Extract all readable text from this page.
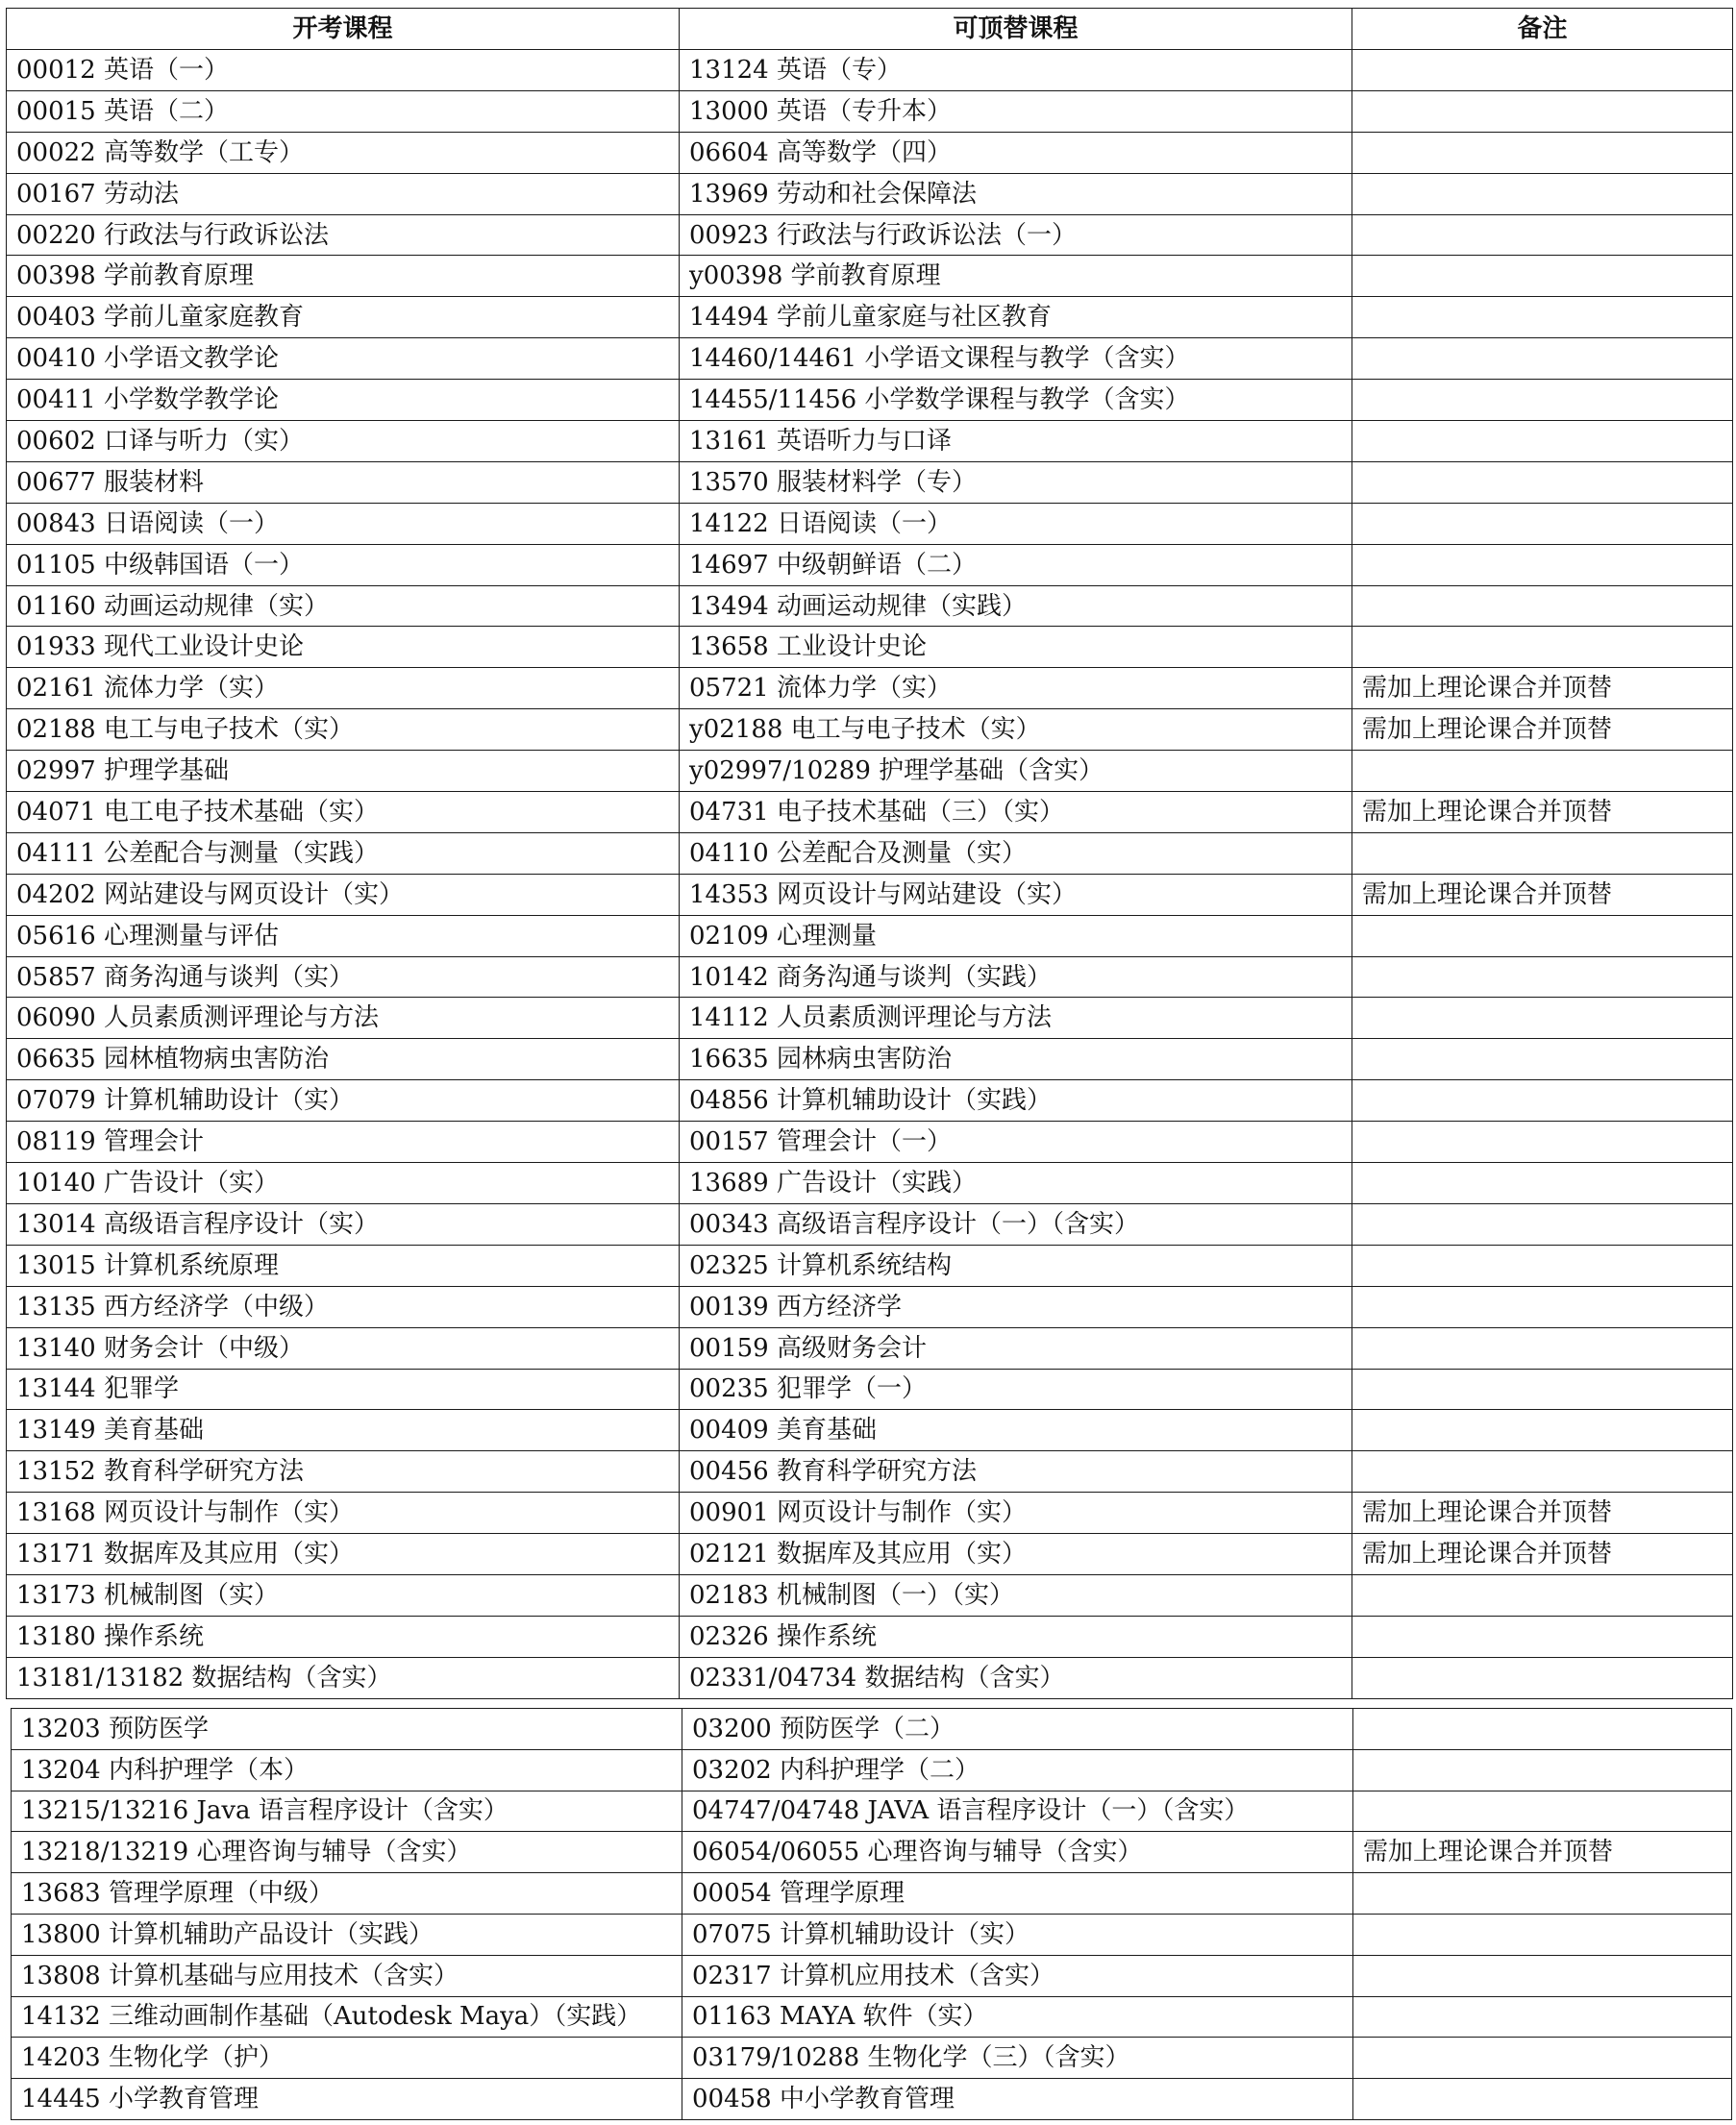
开考课程	可顶替课程	备注
00012 英语（一）	13124 英语（专）	
00015 英语（二）	13000 英语（专升本）	
00022 高等数学（工专）	06604 高等数学（四）	
00167 劳动法	13969 劳动和社会保障法	
00220 行政法与行政诉讼法	00923 行政法与行政诉讼法（一）	
00398 学前教育原理	y00398 学前教育原理	
00403 学前儿童家庭教育	14494 学前儿童家庭与社区教育	
00410 小学语文教学论	14460/14461 小学语文课程与教学（含实）	
00411 小学数学教学论	14455/11456 小学数学课程与教学（含实）	
00602 口译与听力（实）	13161 英语听力与口译	
00677 服装材料	13570 服装材料学（专）	
00843 日语阅读（一）	14122 日语阅读（一）	
01105 中级韩国语（一）	14697 中级朝鲜语（二）	
01160 动画运动规律（实）	13494 动画运动规律（实践）	
01933 现代工业设计史论	13658 工业设计史论	
02161 流体力学（实）	05721 流体力学（实）	需加上理论课合并顶替
02188 电工与电子技术（实）	y02188 电工与电子技术（实）	需加上理论课合并顶替
02997 护理学基础	y02997/10289 护理学基础（含实）	
04071 电工电子技术基础（实）	04731 电子技术基础（三）（实）	需加上理论课合并顶替
04111 公差配合与测量（实践）	04110 公差配合及测量（实）	
04202 网站建设与网页设计（实）	14353 网页设计与网站建设（实）	需加上理论课合并顶替
05616 心理测量与评估	02109 心理测量	
05857 商务沟通与谈判（实）	10142 商务沟通与谈判（实践）	
06090 人员素质测评理论与方法	14112 人员素质测评理论与方法	
06635 园林植物病虫害防治	16635 园林病虫害防治	
07079 计算机辅助设计（实）	04856 计算机辅助设计（实践）	
08119 管理会计	00157 管理会计（一）	
10140 广告设计（实）	13689 广告设计（实践）	
13014 高级语言程序设计（实）	00343 高级语言程序设计（一）（含实）	
13015 计算机系统原理	02325 计算机系统结构	
13135 西方经济学（中级）	00139 西方经济学	
13140 财务会计（中级）	00159 高级财务会计	
13144 犯罪学	00235 犯罪学（一）	
13149 美育基础	00409 美育基础	
13152 教育科学研究方法	00456 教育科学研究方法	
13168 网页设计与制作（实）	00901 网页设计与制作（实）	需加上理论课合并顶替
13171 数据库及其应用（实）	02121 数据库及其应用（实）	需加上理论课合并顶替
13173 机械制图（实）	02183 机械制图（一）（实）	
13180 操作系统	02326 操作系统	
13181/13182 数据结构（含实）	02331/04734 数据结构（含实）	
13203 预防医学	03200 预防医学（二）	
13204 内科护理学（本）	03202 内科护理学（二）	
13215/13216 Java 语言程序设计（含实）	04747/04748 JAVA 语言程序设计（一）（含实）	
13218/13219 心理咨询与辅导（含实）	06054/06055 心理咨询与辅导（含实）	需加上理论课合并顶替
13683 管理学原理（中级）	00054 管理学原理	
13800 计算机辅助产品设计（实践）	07075 计算机辅助设计（实）	
13808 计算机基础与应用技术（含实）	02317 计算机应用技术（含实）	
14132 三维动画制作基础（Autodesk Maya）（实践）	01163 MAYA 软件（实）	
14203 生物化学（护）	03179/10288 生物化学（三）（含实）	
14445 小学教育管理	00458 中小学教育管理	
